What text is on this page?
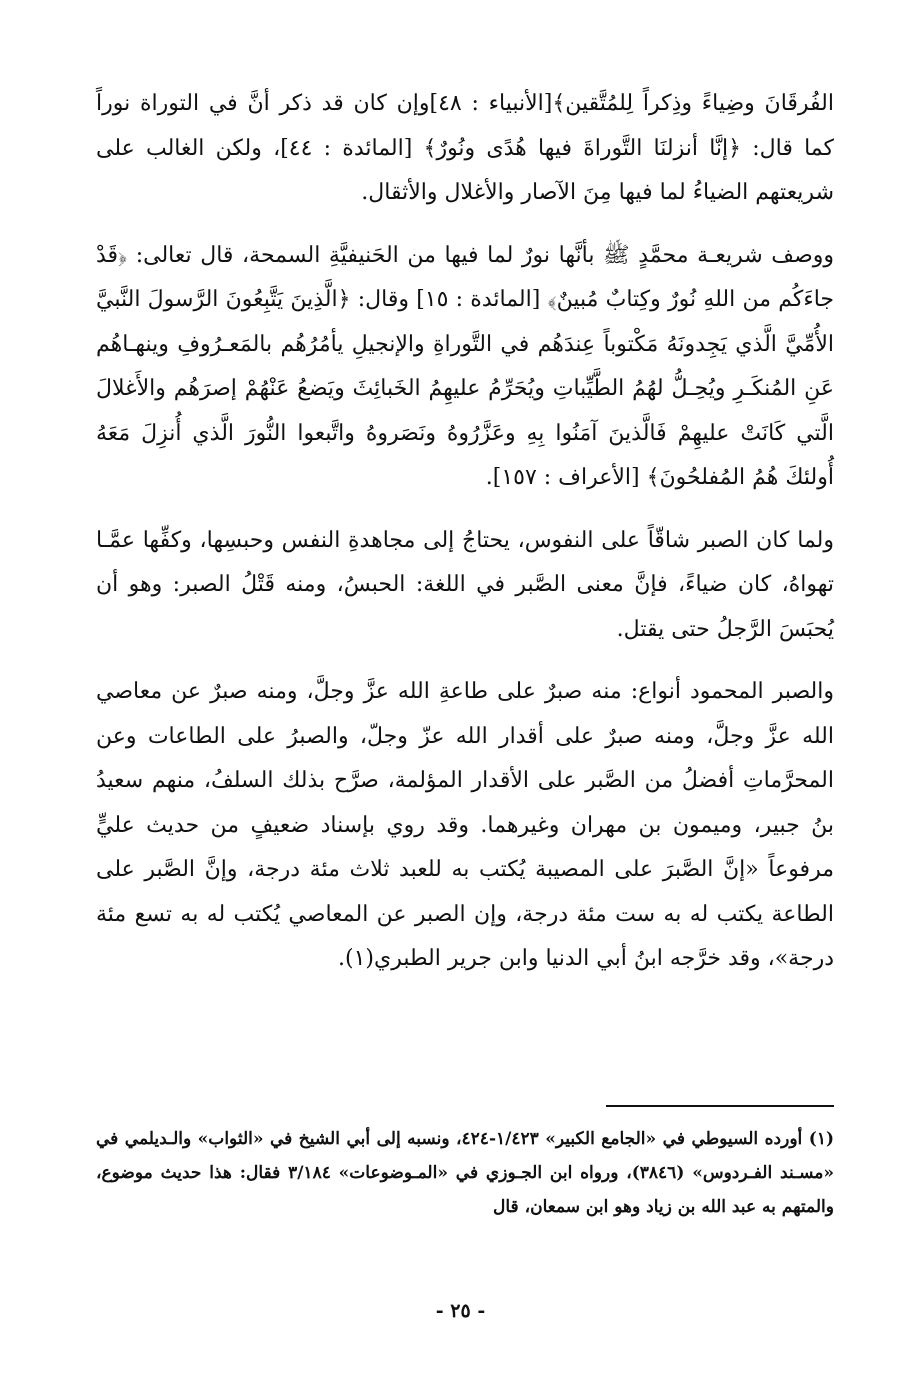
الفُرقَانَ وضِياءً وذِكراً لِلمُتَّقين﴾[الأنبياء : ٤٨]وإن كان قد ذكر أنَّ في التوراة نوراً كما قال: ﴿إنَّا أنزلنَا التَّوراةَ فيها هُدًى ونُورٌ﴾ [المائدة : ٤٤]، ولكن الغالب على شريعتهم الضياءُ لما فيها مِنَ الآصار والأغلال والأثقال.

ووصف شريعـة محمَّدٍ ﷺ بأنَّها نورٌ لما فيها من الحَنيفيَّةِ السمحة، قال تعالى: ﴿قَدْ جاءَكُم من اللهِ نُورٌ وكِتابٌ مُبينٌ﴾ [المائدة : ١٥] وقال: ﴿الَّذِينَ يَتَّبِعُونَ الرَّسولَ النَّبيَّ الأُمِّيَّ الَّذي يَجِدونَهُ مَكْتوباً عِندَهُم في التَّوراةِ والإنجيلِ يأمُرُهُم بالمَعـرُوفِ وينهـاهُم عَنِ المُنكَـرِ ويُحِـلُّ لهُمُ الطَّيِّباتِ ويُحَرِّمُ عليهِمُ الخَبائِثَ ويَضعُ عَنْهُمْ إصرَهُم والأَغلالَ الَّتي كَانَتْ عليهِمْ فَالَّذينَ آمَنُوا بِهِ وعَزَّرُوهُ ونَصَروهُ واتَّبعوا النُّورَ الَّذي أُنزِلَ مَعَهُ أُولئكَ هُمُ المُفلحُونَ﴾ [الأعراف : ١٥٧].

ولما كان الصبر شاقّاً على النفوس، يحتاجُ إلى مجاهدةِ النفس وحبسِها، وكفِّها عمَّـا تهواهُ، كان ضياءً، فإنَّ معنى الصَّبر في اللغة: الحبسُ، ومنه قَتْلُ الصبر: وهو أن يُحبَسَ الرَّجلُ حتى يقتل.

والصبر المحمود أنواع: منه صبرٌ على طاعةِ الله عزَّ وجلَّ، ومنه صبرٌ عن معاصي الله عزَّ وجلَّ، ومنه صبرٌ على أقدار الله عزّ وجلّ، والصبرُ على الطاعات وعن المحرَّماتِ أفضلُ من الصَّبر على الأقدار المؤلمة، صرَّح بذلك السلفُ، منهم سعيدُ بنُ جبير، وميمون بن مهران وغيرهما. وقد روي بإسناد ضعيفٍ من حديث عليٍّ مرفوعاً «إنَّ الصَّبرَ على المصيبة يُكتب به للعبد ثلاث مئة درجة، وإنَّ الصَّبر على الطاعة يكتب له به ست مئة درجة، وإن الصبر عن المعاصي يُكتب له به تسع مئة درجة»، وقد خرَّجه ابنُ أبي الدنيا وابن جرير الطبري(١).

(١) أورده السيوطي في «الجامع الكبير» ١/٤٢٣-٤٢٤، ونسبه إلى أبي الشيخ في «الثواب» والـديلمي في «مسـند الفـردوس» (٣٨٤٦)، ورواه ابن الجـوزي في «المـوضوعات» ٣/١٨٤ فقال: هذا حديث موضوع، والمتهم به عبد الله بن زياد وهو ابن سمعان، قال

- ٢٥ -
